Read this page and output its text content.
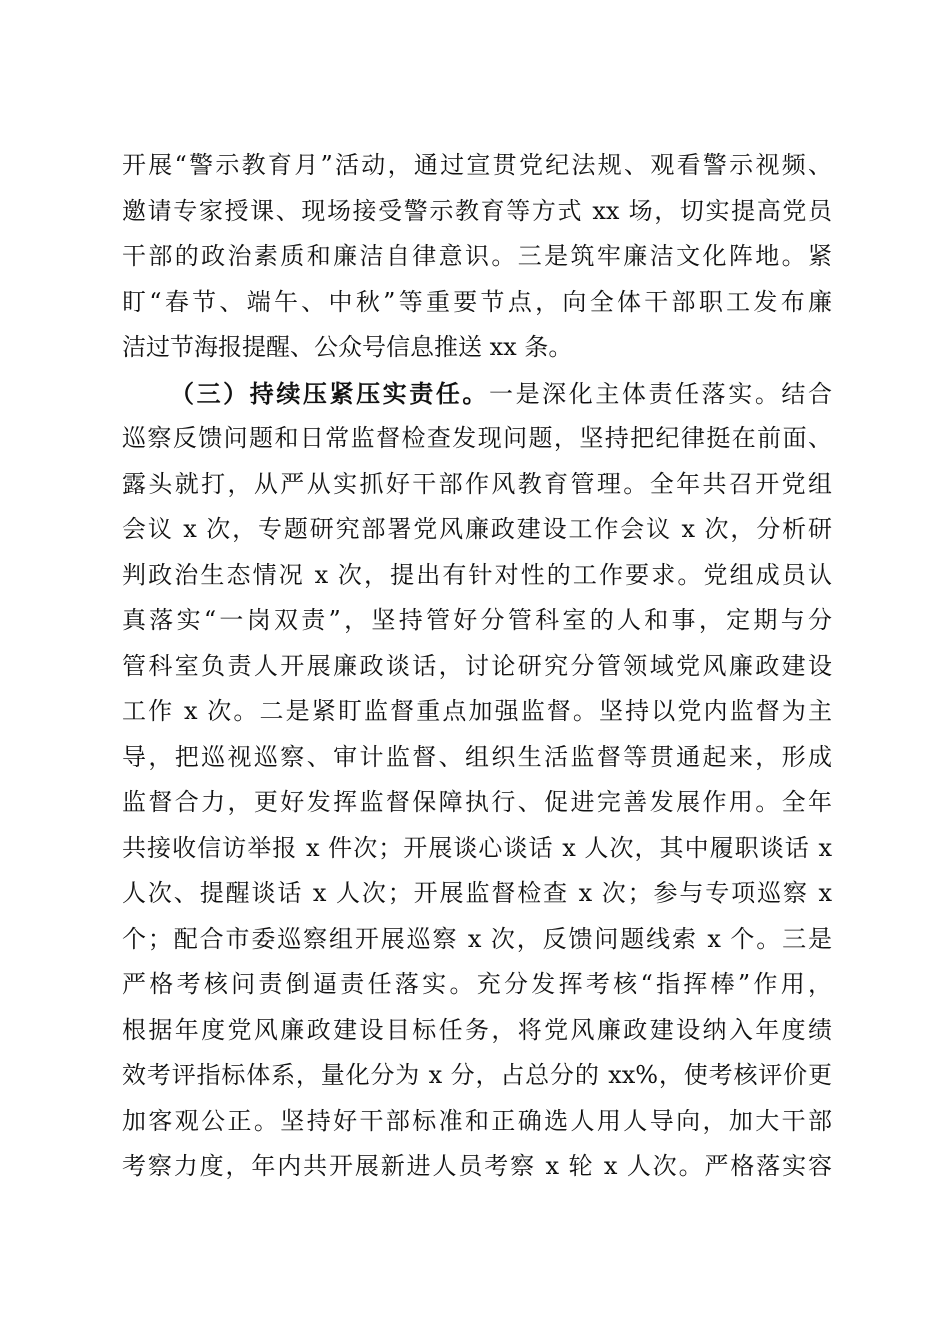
开展“警示教育月”活动，通过宣贯党纪法规、观看警示视频、
邀请专家授课、现场接受警示教育等方式 xx 场，切实提高党员
干部的政治素质和廉洁自律意识。三是筑牢廉洁文化阵地。紧
盯“春节、端午、中秋”等重要节点，向全体干部职工发布廉
洁过节海报提醒、公众号信息推送 xx 条。
（三）持续压紧压实责任。一是深化主体责任落实。结合
巡察反馈问题和日常监督检查发现问题，坚持把纪律挺在前面、
露头就打，从严从实抓好干部作风教育管理。全年共召开党组
会议 x 次，专题研究部署党风廉政建设工作会议 x 次，分析研
判政治生态情况 x 次，提出有针对性的工作要求。党组成员认
真落实“一岗双责”，坚持管好分管科室的人和事，定期与分
管科室负责人开展廉政谈话，讨论研究分管领域党风廉政建设
工作 x 次。二是紧盯监督重点加强监督。坚持以党内监督为主
导，把巡视巡察、审计监督、组织生活监督等贯通起来，形成
监督合力，更好发挥监督保障执行、促进完善发展作用。全年
共接收信访举报 x 件次；开展谈心谈话 x 人次，其中履职谈话 x
人次、提醒谈话 x 人次；开展监督检查 x 次；参与专项巡察 x
个；配合市委巡察组开展巡察 x 次，反馈问题线索 x 个。三是
严格考核问责倒逼责任落实。充分发挥考核“指挥棒”作用，
根据年度党风廉政建设目标任务，将党风廉政建设纳入年度绩
效考评指标体系，量化分为 x 分，占总分的 xx%，使考核评价更
加客观公正。坚持好干部标准和正确选人用人导向，加大干部
考察力度，年内共开展新进人员考察 x 轮 x 人次。严格落实容
